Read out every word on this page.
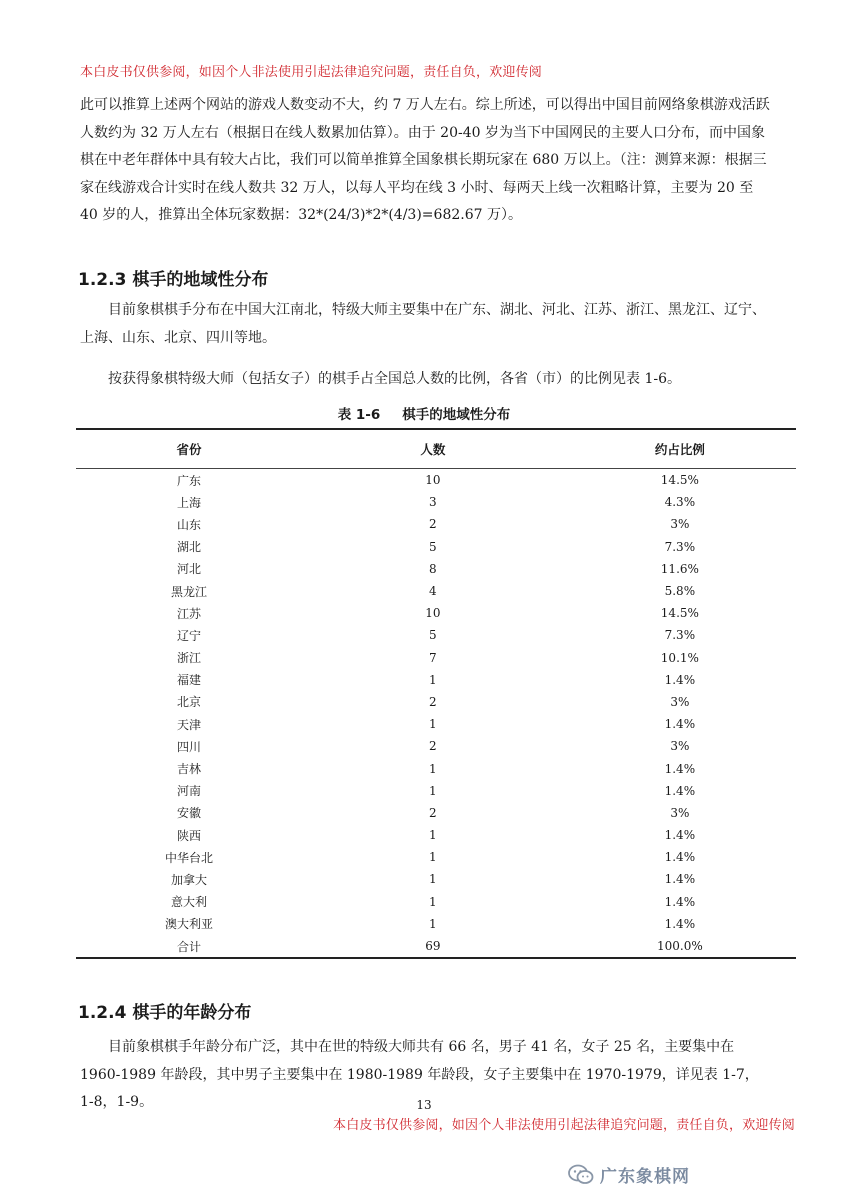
本白皮书仅供参阅，如因个人非法使用引起法律追究问题，责任自负，欢迎传阅
此可以推算上述两个网站的游戏人数变动不大，约 7 万人左右。综上所述，可以得出中国目前网络象棋游戏活跃人数约为 32 万人左右（根据日在线人数累加估算）。由于 20-40 岁为当下中国网民的主要人口分布，而中国象棋在中老年群体中具有较大占比，我们可以简单推算全国象棋长期玩家在 680 万以上。（注：测算来源：根据三家在线游戏合计实时在线人数共 32 万人，以每人平均在线 3 小时、每两天上线一次粗略计算，主要为 20 至 40 岁的人，推算出全体玩家数据：32*(24/3)*2*(4/3)=682.67 万）。
1.2.3 棋手的地域性分布
目前象棋棋手分布在中国大江南北，特级大师主要集中在广东、湖北、河北、江苏、浙江、黑龙江、辽宁、上海、山东、北京、四川等地。
按获得象棋特级大师（包括女子）的棋手占全国总人数的比例，各省（市）的比例见表 1-6。
表 1-6 棋手的地域性分布
省份	人数	约占比例
广东	10	14.5%
上海	3	4.3%
山东	2	3%
湖北	5	7.3%
河北	8	11.6%
黑龙江	4	5.8%
江苏	10	14.5%
辽宁	5	7.3%
浙江	7	10.1%
福建	1	1.4%
北京	2	3%
天津	1	1.4%
四川	2	3%
吉林	1	1.4%
河南	1	1.4%
安徽	2	3%
陕西	1	1.4%
中华台北	1	1.4%
加拿大	1	1.4%
意大利	1	1.4%
澳大利亚	1	1.4%
合计	69	100.0%
1.2.4 棋手的年龄分布
目前象棋棋手年龄分布广泛，其中在世的特级大师共有 66 名，男子 41 名，女子 25 名，主要集中在 1960-1989 年龄段，其中男子主要集中在 1980-1989 年龄段，女子主要集中在 1970-1979，详见表 1-7，1-8，1-9。	13
本白皮书仅供参阅，如因个人非法使用引起法律追究问题，责任自负，欢迎传阅
广东象棋网
